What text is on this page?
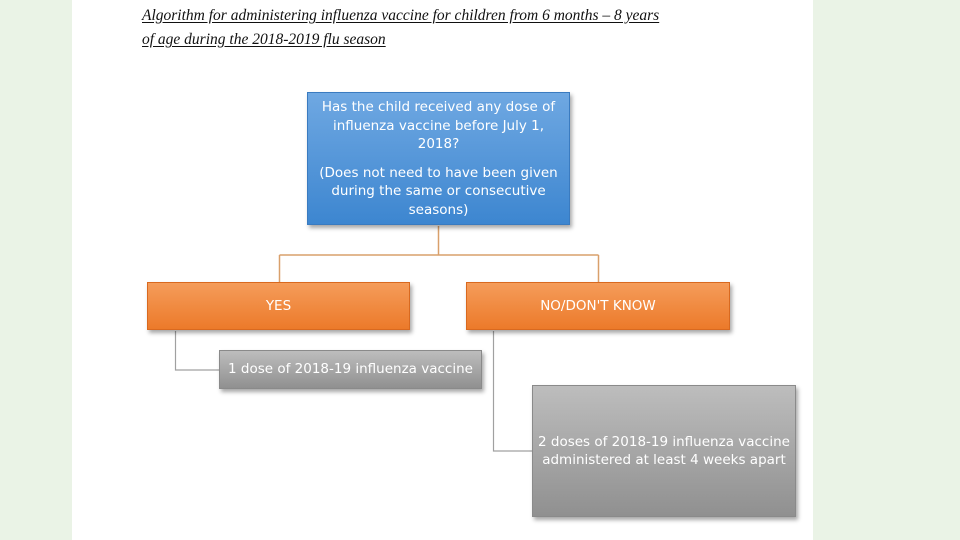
Algorithm for administering influenza vaccine for children from 6 months – 8 years
of age during the 2018-2019 flu season

Has the child received any dose of influenza vaccine before July 1, 2018?

(Does not need to have been given during the same or consecutive seasons)

YES	NO/DON'T KNOW
1 dose of 2018-19 influenza vaccine
2 doses of 2018-19 influenza vaccine administered at least 4 weeks apart
